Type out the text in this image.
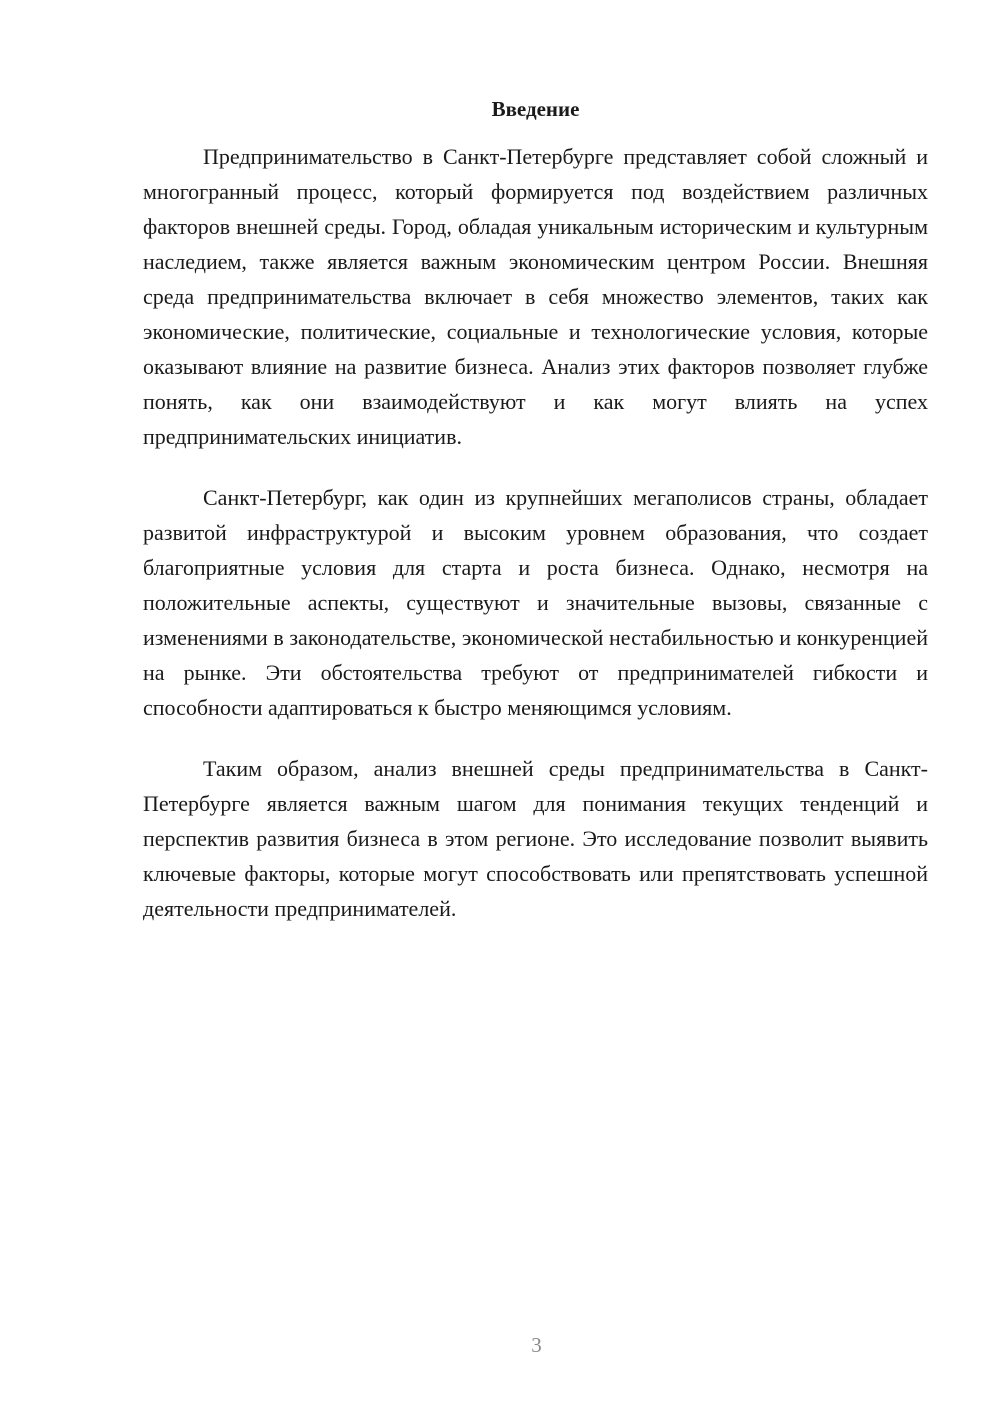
Введение

Предпринимательство в Санкт-Петербурге представляет собой сложный и многогранный процесс, который формируется под воздействием различных факторов внешней среды. Город, обладая уникальным историческим и культурным наследием, также является важным экономическим центром России. Внешняя среда предпринимательства включает в себя множество элементов, таких как экономические, политические, социальные и технологические условия, которые оказывают влияние на развитие бизнеса. Анализ этих факторов позволяет глубже понять, как они взаимодействуют и как могут влиять на успех предпринимательских инициатив.

Санкт-Петербург, как один из крупнейших мегаполисов страны, обладает развитой инфраструктурой и высоким уровнем образования, что создает благоприятные условия для старта и роста бизнеса. Однако, несмотря на положительные аспекты, существуют и значительные вызовы, связанные с изменениями в законодательстве, экономической нестабильностью и конкуренцией на рынке. Эти обстоятельства требуют от предпринимателей гибкости и способности адаптироваться к быстро меняющимся условиям.

Таким образом, анализ внешней среды предпринимательства в Санкт-Петербурге является важным шагом для понимания текущих тенденций и перспектив развития бизнеса в этом регионе. Это исследование позволит выявить ключевые факторы, которые могут способствовать или препятствовать успешной деятельности предпринимателей.

3
